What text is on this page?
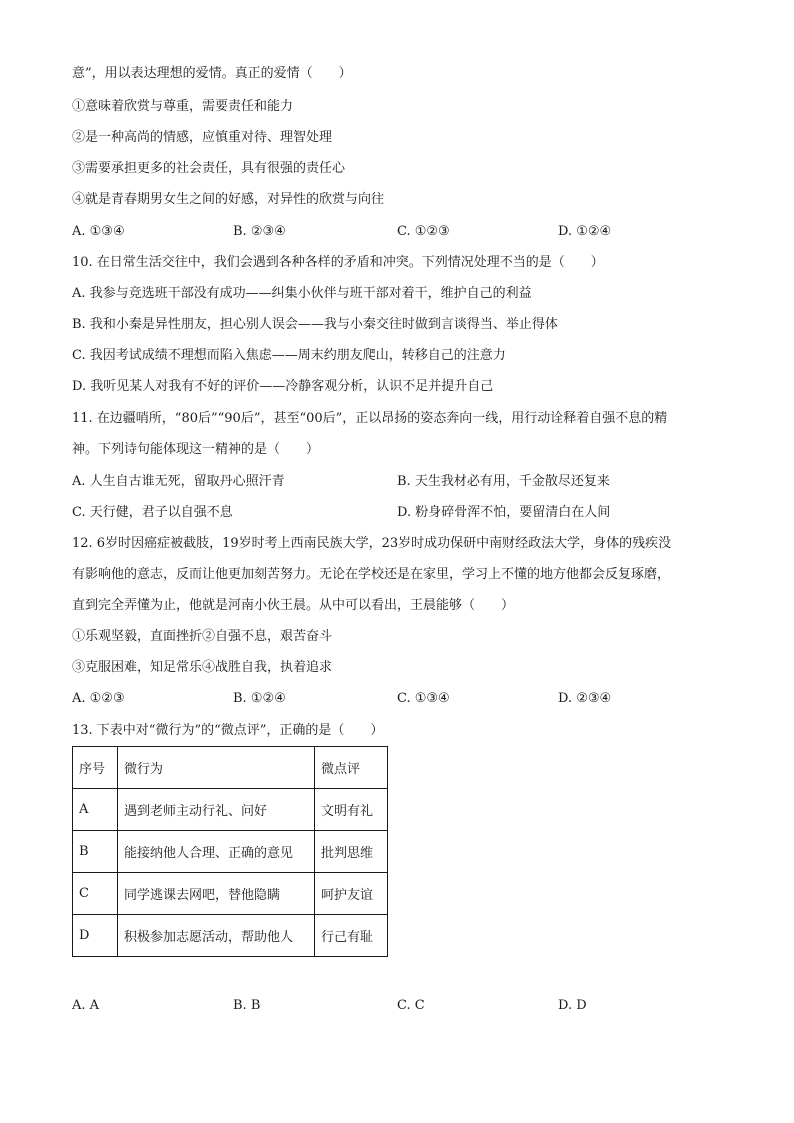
意”，用以表达理想的爱情。真正的爱情（　　）
①意味着欣赏与尊重，需要责任和能力
②是一种高尚的情感，应慎重对待、理智处理
③需要承担更多的社会责任，具有很强的责任心
④就是青春期男女生之间的好感，对异性的欣赏与向往
A. ①③④	B. ②③④	C. ①②③	D. ①②④
10. 在日常生活交往中，我们会遇到各种各样的矛盾和冲突。下列情况处理不当的是（　　）
A. 我参与竞选班干部没有成功——纠集小伙伴与班干部对着干，维护自己的利益
B. 我和小秦是异性朋友，担心别人误会——我与小秦交往时做到言谈得当、举止得体
C. 我因考试成绩不理想而陷入焦虑——周末约朋友爬山，转移自己的注意力
D. 我听见某人对我有不好的评价——冷静客观分析，认识不足并提升自己
11. 在边疆哨所，“80后”“90后”，甚至“00后”，正以昂扬的姿态奔向一线，用行动诠释着自强不息的精
神。下列诗句能体现这一精神的是（　　）
A. 人生自古谁无死，留取丹心照汗青	B. 天生我材必有用，千金散尽还复来
C. 天行健，君子以自强不息	D. 粉身碎骨浑不怕，要留清白在人间
12. 6岁时因癌症被截肢，19岁时考上西南民族大学，23岁时成功保研中南财经政法大学，身体的残疾没
有影响他的意志，反而让他更加刻苦努力。无论在学校还是在家里，学习上不懂的地方他都会反复琢磨，
直到完全弄懂为止，他就是河南小伙王晨。从中可以看出，王晨能够（　　）
①乐观坚毅，直面挫折②自强不息，艰苦奋斗
③克服困难，知足常乐④战胜自我，执着追求
A. ①②③	B. ①②④	C. ①③④	D. ②③④
13. 下表中对“微行为”的“微点评”，正确的是（　　）
序号	微行为	微点评
A	遇到老师主动行礼、问好	文明有礼
B	能接纳他人合理、正确的意见	批判思维
C	同学逃课去网吧，替他隐瞒	呵护友谊
D	积极参加志愿活动，帮助他人	行己有耻
A. A	B. B	C. C	D. D
